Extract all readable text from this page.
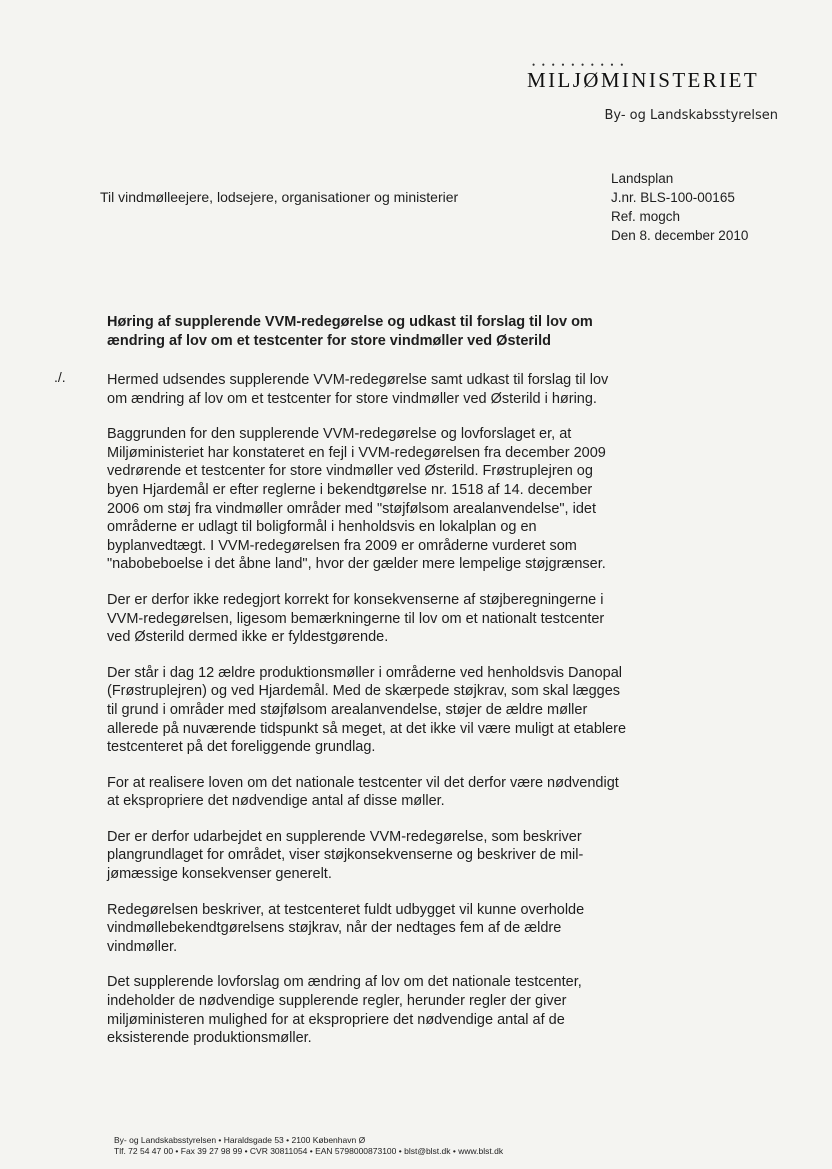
• • • • • • • • • •
MILJØMINISTERIET
By- og Landskabsstyrelsen
Til vindmølleejere, lodsejere, organisationer og ministerier
Landsplan
J.nr. BLS-100-00165
Ref. mogch
Den 8. december 2010
./.

Høring af supplerende VVM-redegørelse og udkast til forslag til lov om ændring af lov om et testcenter for store vindmøller ved Østerild

Hermed udsendes supplerende VVM-redegørelse samt udkast til forslag til lov om ændring af lov om et testcenter for store vindmøller ved Østerild i høring.

Baggrunden for den supplerende VVM-redegørelse og lovforslaget er, at Miljøministeriet har konstateret en fejl i VVM-redegørelsen fra december 2009 vedrørende et testcenter for store vindmøller ved Østerild. Frøstruplejren og byen Hjardemål er efter reglerne i bekendtgørelse nr. 1518 af 14. december 2006 om støj fra vindmøller områder med "støjfølsom arealanvendelse", idet områderne er udlagt til boligformål i henholdsvis en lokalplan og en byplanvedtægt. I VVM-redegørelsen fra 2009 er områderne vurderet som "nabobeboelse i det åbne land", hvor der gælder mere lempelige støjgrænser.

Der er derfor ikke redegjort korrekt for konsekvenserne af støjberegningerne i VVM-redegørelsen, ligesom bemærkningerne til lov om et nationalt testcenter ved Østerild dermed ikke er fyldestgørende.

Der står i dag 12 ældre produktionsmøller i områderne ved henholdsvis Danopal (Frøstruplejren) og ved Hjardemål. Med de skærpede støjkrav, som skal lægges til grund i områder med støjfølsom arealanvendelse, støjer de ældre møller allerede på nuværende tidspunkt så meget, at det ikke vil være muligt at etablere testcenteret på det foreliggende grundlag.

For at realisere loven om det nationale testcenter vil det derfor være nødvendigt at ekspropriere det nødvendige antal af disse møller.

Der er derfor udarbejdet en supplerende VVM-redegørelse, som beskriver plangrundlaget for området, viser støjkonsekvenserne og beskriver de miljømæssige konsekvenser generelt.

Redegørelsen beskriver, at testcenteret fuldt udbygget vil kunne overholde vindmøllebekendtgørelsens støjkrav, når der nedtages fem af de ældre vindmøller.

Det supplerende lovforslag om ændring af lov om det nationale testcenter, indeholder de nødvendige supplerende regler, herunder regler der giver miljøministeren mulighed for at ekspropriere det nødvendige antal af de eksisterende produktionsmøller.

By- og Landskabsstyrelsen • Haraldsgade 53 • 2100 København Ø
Tlf. 72 54 47 00 • Fax 39 27 98 99 • CVR 30811054 • EAN 5798000873100 • blst@blst.dk • www.blst.dk
